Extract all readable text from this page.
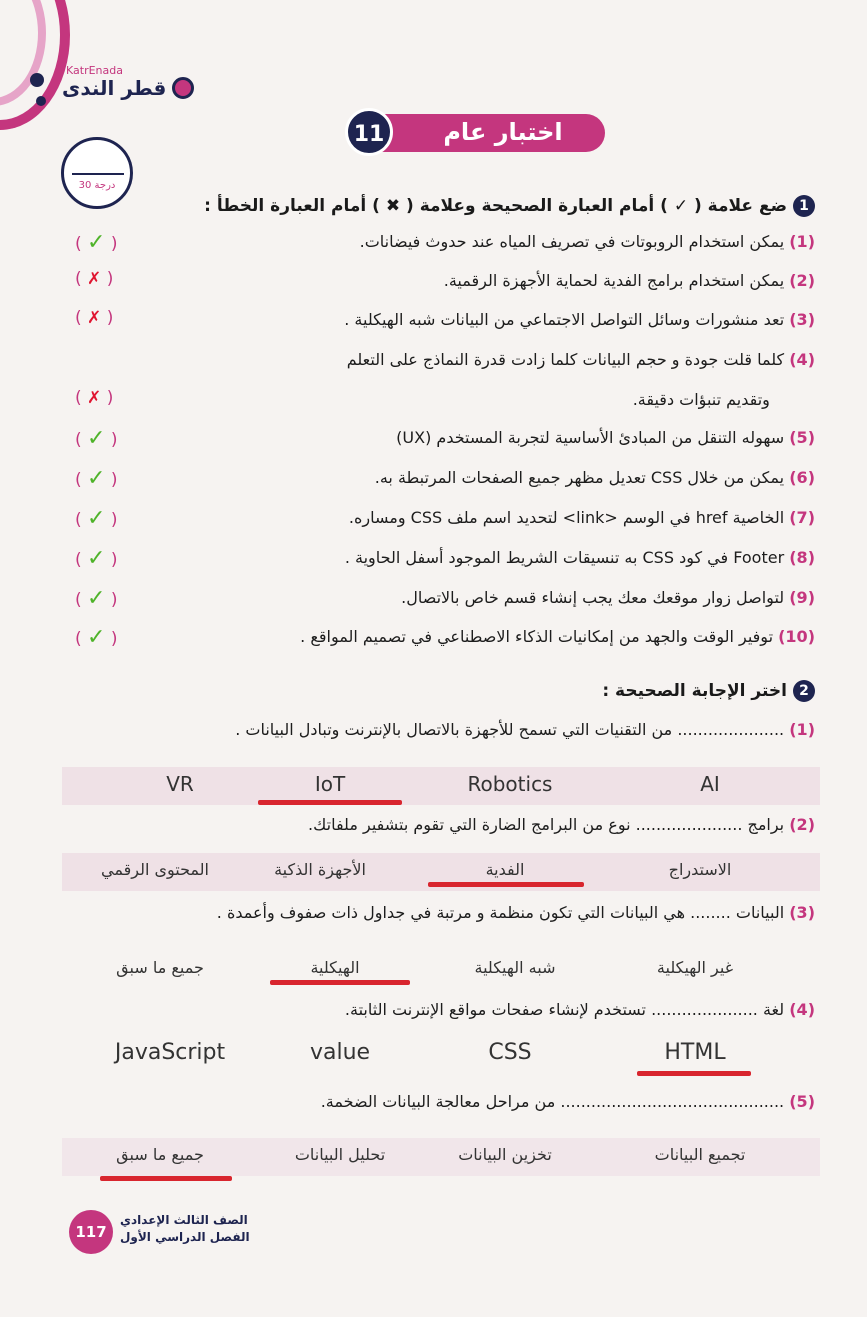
KatrEnada
قطر الندى
اختبار عام
11
30 درجة
1
ضع علامة ( ✓ ) أمام العبارة الصحيحة وعلامة ( ✖ ) أمام العبارة الخطأ :
(1) يمكن استخدام الروبوتات في تصريف المياه عند حدوث فيضانات.
( ✓ )
(2) يمكن استخدام برامج الفدية لحماية الأجهزة الرقمية.
( ✗ )
(3) تعد منشورات وسائل التواصل الاجتماعي من البيانات شبه الهيكلية .
( ✗ )
(4) كلما قلت جودة و حجم البيانات كلما زادت قدرة النماذج على التعلم
وتقديم تنبؤات دقيقة.
( ✗ )
(5) سهوله التنقل من المبادئ الأساسية لتجربة المستخدم (UX)
( ✓ )
(6) يمكن من خلال CSS تعديل مظهر جميع الصفحات المرتبطة به.
( ✓ )
(7) الخاصية href في الوسم <link> لتحديد اسم ملف CSS ومساره.
( ✓ )
(8) Footer في كود CSS به تنسيقات الشريط الموجود أسفل الحاوية .
( ✓ )
(9) لتواصل زوار موقعك معك يجب إنشاء قسم خاص بالاتصال.
( ✓ )
(10) توفير الوقت والجهد من إمكانيات الذكاء الاصطناعي في تصميم المواقع .
( ✓ )
2
اختر الإجابة الصحيحة :
(1) ..................... من التقنيات التي تسمح للأجهزة بالاتصال بالإنترنت وتبادل البيانات .
AI
Robotics
IoT
VR
(2) برامج ..................... نوع من البرامج الضارة التي تقوم بتشفير ملفاتك.
الاستدراج
الفدية
الأجهزة الذكية
المحتوى الرقمي
(3) البيانات ........ هي البيانات التي تكون منظمة و مرتبة في جداول ذات صفوف وأعمدة .
غير الهيكلية
شبه الهيكلية
الهيكلية
جميع ما سبق
(4) لغة ..................... تستخدم لإنشاء صفحات مواقع الإنترنت الثابتة.
HTML
CSS
value
JavaScript
(5) ............................................ من مراحل معالجة البيانات الضخمة.
تجميع البيانات
تخزين البيانات
تحليل البيانات
جميع ما سبق
117
الصف الثالث الإعدادي
الفصل الدراسي الأول
